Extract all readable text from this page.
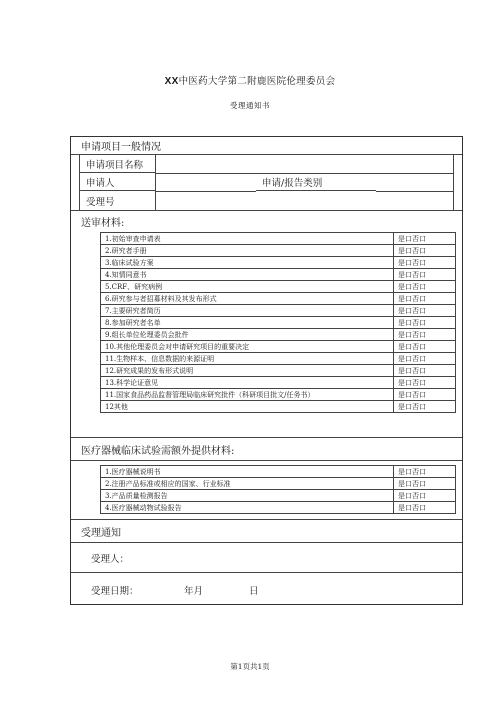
XX中医药大学第二附鹿医院伦理委员会
受理通知书
申请项目一般情况
申请项目名称
申请人	申请/报告类别
受理号
送审材料:
1.初始审查申请表	是口否口
2.研究者手册	是口否口
3.临床试验方案	是口否口
4.知情同意书	是口否口
5.CRF、研究病例	是口否口
6.研究参与者招募材料及其发布形式	是口否口
7.主要研究者简历	是口否口
8.参加研究者名单	是口否口
9.组长单位伦理委员会批件	是口否口
10.其他伦理委员会对申请研究项目的重要决定	是口否口
11.生物样本、信息数据的来源证明	是口否口
12.研究成果的发布形式说明	是口否口
13.科学论证意见	是口否口
11.国家食品药品监督管理局临床研究批件（科研项目批文/任务书）	是口否口
12其他	是口否口
医疗器械临床试验需额外提供材料:
1.医疗器械说明书	是口否口
2.注册产品标准或相应的国家、行业标准	是口否口
3.产品质量检测报告	是口否口
4.医疗器械动物试验报告	是口否口
受理通知
受理人：
受理日期：	年月	日
第1页共1页
